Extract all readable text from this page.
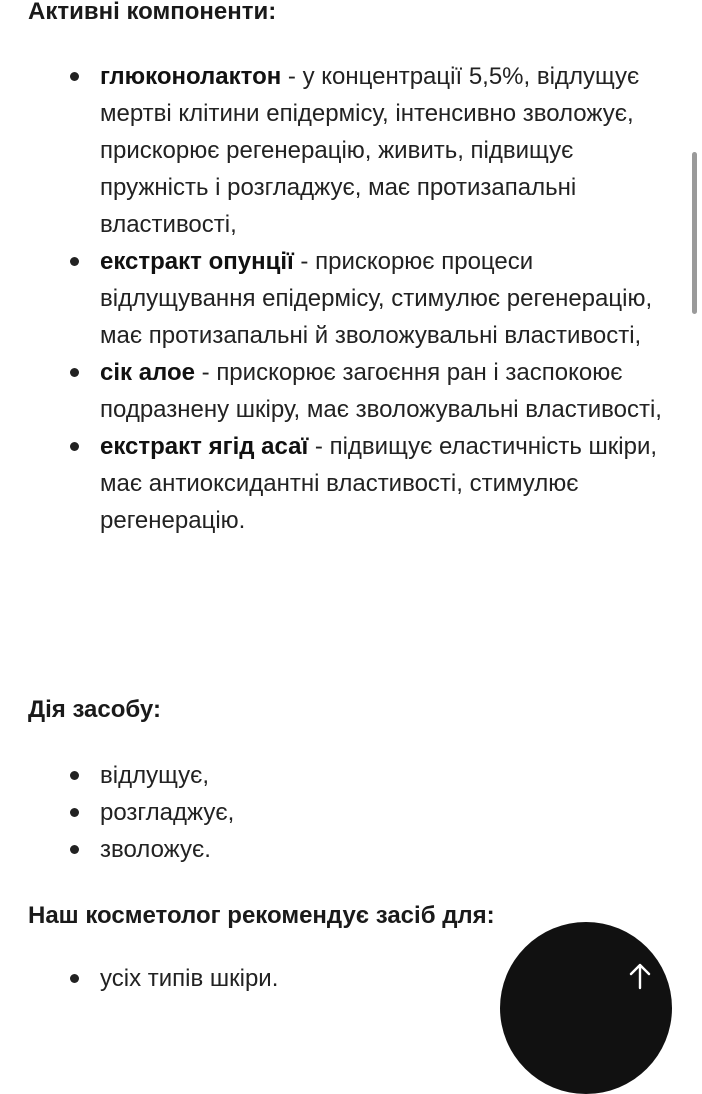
Активні компоненти:
глюконолактон - у концентрації 5,5%, відлущує мертві клітини епідермісу, інтенсивно зволожує, прискорює регенерацію, живить, підвищує пружність і розгладжує, має протизапальні властивості,
екстракт опунції - прискорює процеси відлущування епідермісу, стимулює регенерацію, має протизапальні й зволожувальні властивості,
сік алое - прискорює загоєння ран і заспокоює подразнену шкіру, має зволожувальні властивості,
екстракт ягід асаї - підвищує еластичність шкіри, має антиоксидантні властивості, стимулює регенерацію.
Дія засобу:
відлущує,
розгладжує,
зволожує.
Наш косметолог рекомендує засіб для:
усіх типів шкіри.
